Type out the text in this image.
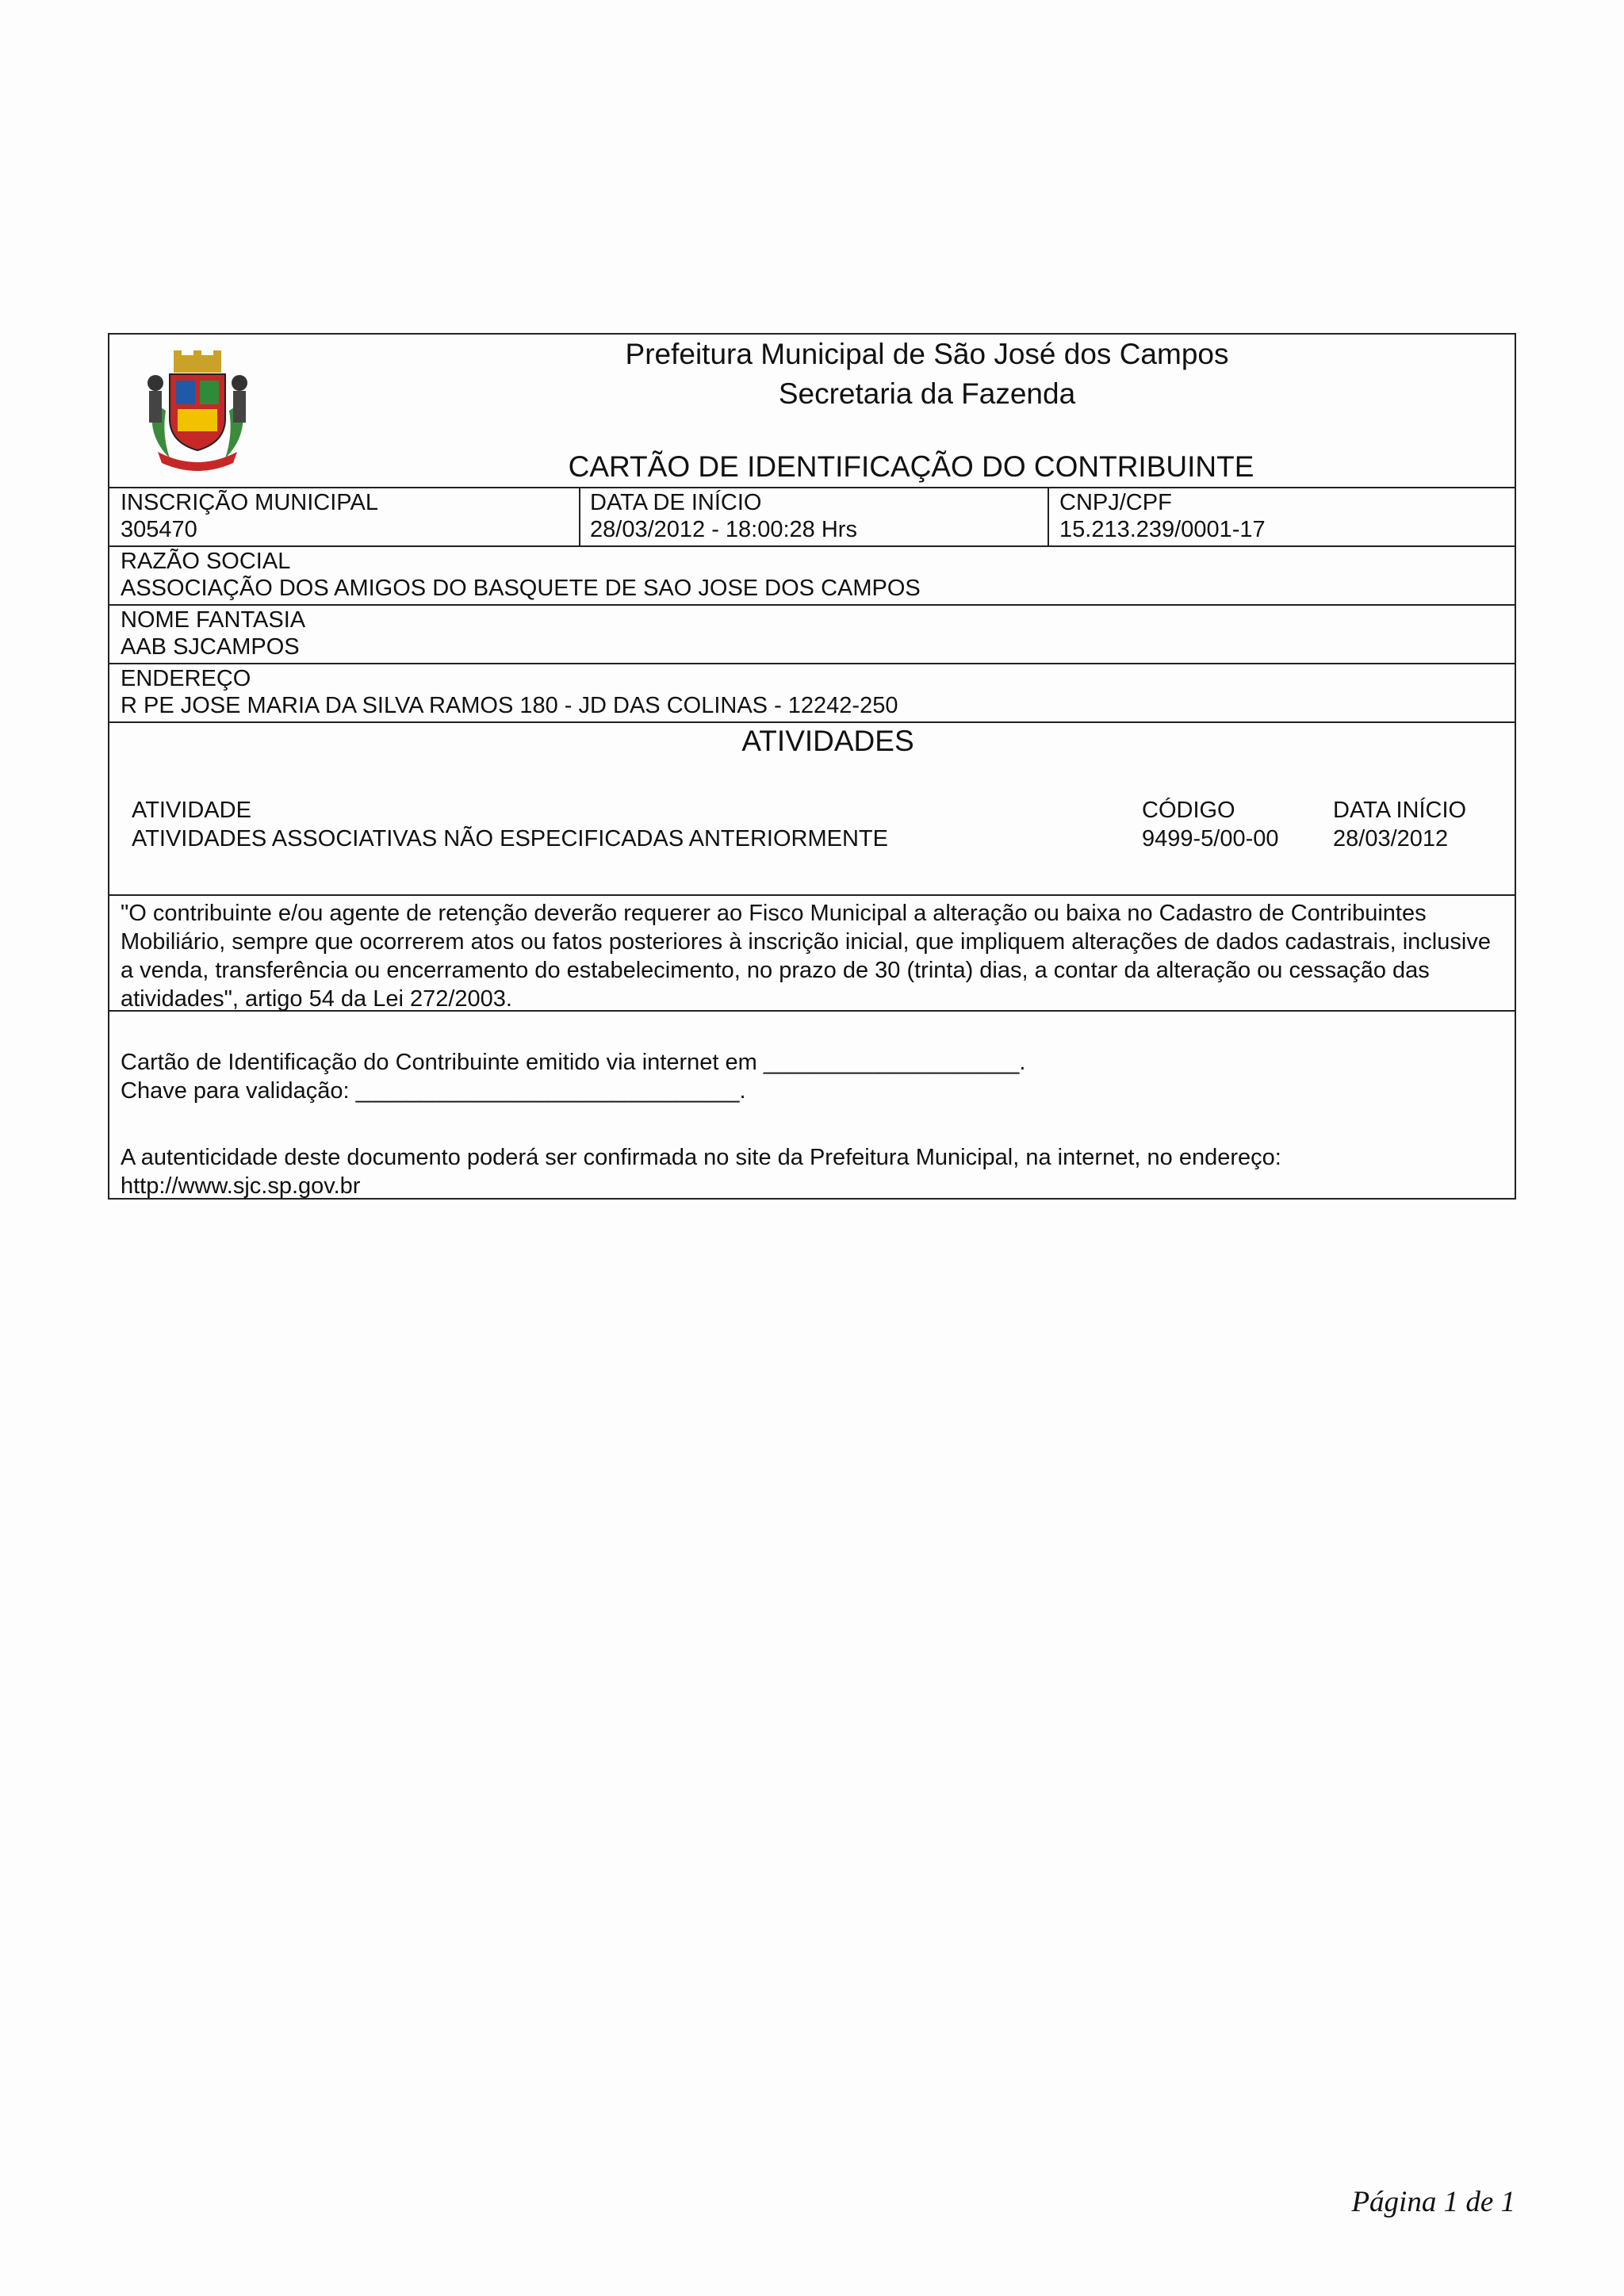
Prefeitura Municipal de São José dos Campos
Secretaria da Fazenda
CARTÃO DE IDENTIFICAÇÃO DO CONTRIBUINTE
INSCRIÇÃO MUNICIPAL
305470
DATA DE INÍCIO
28/03/2012 - 18:00:28 Hrs
CNPJ/CPF
15.213.239/0001-17
RAZÃO SOCIAL
ASSOCIAÇÃO DOS AMIGOS DO BASQUETE DE SAO JOSE DOS CAMPOS
NOME FANTASIA
AAB SJCAMPOS
ENDEREÇO
R PE JOSE MARIA DA SILVA RAMOS 180 - JD DAS COLINAS - 12242-250
ATIVIDADES
ATIVIDADE	CÓDIGO	DATA INÍCIO
ATIVIDADES ASSOCIATIVAS NÃO ESPECIFICADAS ANTERIORMENTE	9499-5/00-00 28/03/2012
"O contribuinte e/ou agente de retenção deverão requerer ao Fisco Municipal a alteração ou baixa no Cadastro de Contribuintes Mobiliário, sempre que ocorrerem atos ou fatos posteriores à inscrição inicial, que impliquem alterações de dados cadastrais, inclusive a venda, transferência ou encerramento do estabelecimento, no prazo de 30 (trinta) dias, a contar da alteração ou cessação das atividades", artigo 54 da Lei 272/2003.
Cartão de Identificação do Contribuinte emitido via internet em ____________________.
Chave para validação: ______________________________.
A autenticidade deste documento poderá ser confirmada no site da Prefeitura Municipal, na internet, no endereço:
http://www.sjc.sp.gov.br
Página 1 de 1
